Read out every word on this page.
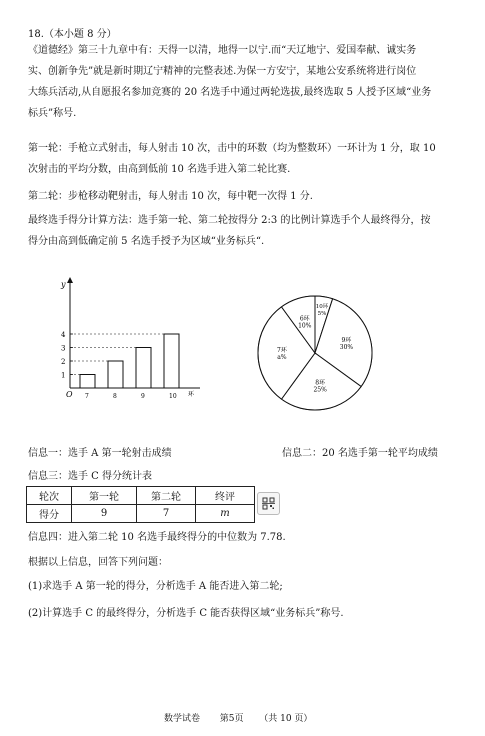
18.（本小题 8 分）
《道德经》第三十九章中有：天得一以清，地得一以宁.而“天辽地宁、爱国奉献、诚实务
实、创新争先”就是新时期辽宁精神的完整表述.为保一方安宁，某地公安系统将进行岗位
大练兵活动,从自愿报名参加竞赛的 20 名选手中通过两轮选拔,最终选取 5 人授予区域“业务
标兵”称号.
第一轮：手枪立式射击，每人射击 10 次，击中的环数（均为整数环）一环计为 1 分，取 10
次射击的平均分数，由高到低前 10 名选手进入第二轮比赛.
第二轮：步枪移动靶射击，每人射击 10 次，每中靶一次得 1 分.
最终选手得分计算方法：选手第一轮、第二轮按得分 2:3 的比例计算选手个人最终得分，按
得分由高到低确定前 5 名选手授予为区域“业务标兵“.
y
O	环
1
2
3
4
7	8	9	10
10环
5%
9环
30%
8环
25%
7环
a%
6环
10%
信息一：选手 A 第一轮射击成绩	信息二：20 名选手第一轮平均成绩
信息三：选手 C 得分统计表
轮次	第一轮	第二轮	终评
得分	9	7	m
信息四：进入第二轮 10 名选手最终得分的中位数为 7.78.
根据以上信息，回答下列问题：
(1)求选手 A 第一轮的得分，分析选手 A 能否进入第二轮;
(2)计算选手 C 的最终得分，分析选手 C 能否获得区域“业务标兵”称号.
数学试卷 第5页 （共 10 页）
